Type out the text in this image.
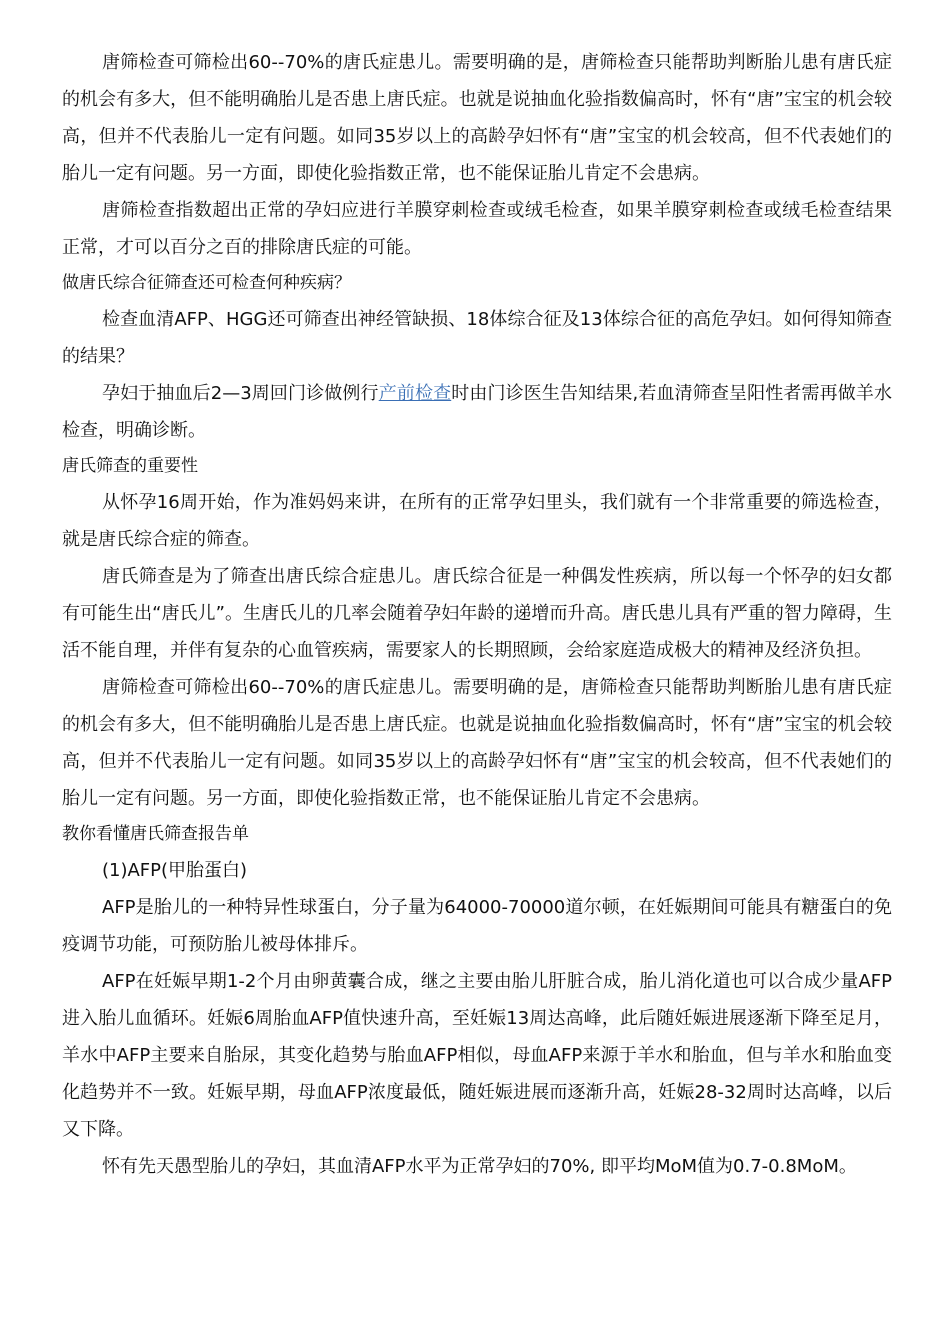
唐筛检查可筛检出60--70%的唐氏症患儿。需要明确的是，唐筛检查只能帮助判断胎儿患有唐氏症的机会有多大，但不能明确胎儿是否患上唐氏症。也就是说抽血化验指数偏高时，怀有“唐”宝宝的机会较高，但并不代表胎儿一定有问题。如同35岁以上的高龄孕妇怀有“唐”宝宝的机会较高，但不代表她们的胎儿一定有问题。另一方面，即使化验指数正常，也不能保证胎儿肯定不会患病。

唐筛检查指数超出正常的孕妇应进行羊膜穿刺检查或绒毛检查，如果羊膜穿刺检查或绒毛检查结果正常，才可以百分之百的排除唐氏症的可能。

做唐氏综合征筛查还可检查何种疾病？

检查血清AFP、HGG还可筛查出神经管缺损、18体综合征及13体综合征的高危孕妇。如何得知筛查的结果？

孕妇于抽血后2—3周回门诊做例行产前检查时由门诊医生告知结果,若血清筛查呈阳性者需再做羊水检查，明确诊断。

唐氏筛查的重要性

从怀孕16周开始，作为准妈妈来讲，在所有的正常孕妇里头，我们就有一个非常重要的筛选检查，就是唐氏综合症的筛查。

唐氏筛查是为了筛查出唐氏综合症患儿。唐氏综合征是一种偶发性疾病，所以每一个怀孕的妇女都有可能生出“唐氏儿”。生唐氏儿的几率会随着孕妇年龄的递增而升高。唐氏患儿具有严重的智力障碍，生活不能自理，并伴有复杂的心血管疾病，需要家人的长期照顾，会给家庭造成极大的精神及经济负担。

唐筛检查可筛检出60--70%的唐氏症患儿。需要明确的是，唐筛检查只能帮助判断胎儿患有唐氏症的机会有多大，但不能明确胎儿是否患上唐氏症。也就是说抽血化验指数偏高时，怀有“唐”宝宝的机会较高，但并不代表胎儿一定有问题。如同35岁以上的高龄孕妇怀有“唐”宝宝的机会较高，但不代表她们的胎儿一定有问题。另一方面，即使化验指数正常，也不能保证胎儿肯定不会患病。

教你看懂唐氏筛查报告单

(1)AFP(甲胎蛋白)

AFP是胎儿的一种特异性球蛋白，分子量为64000-70000道尔顿，在妊娠期间可能具有糖蛋白的免疫调节功能，可预防胎儿被母体排斥。

AFP在妊娠早期1-2个月由卵黄囊合成，继之主要由胎儿肝脏合成，胎儿消化道也可以合成少量AFP进入胎儿血循环。妊娠6周胎血AFP值快速升高，至妊娠13周达高峰，此后随妊娠进展逐渐下降至足月，羊水中AFP主要来自胎尿，其变化趋势与胎血AFP相似，母血AFP来源于羊水和胎血，但与羊水和胎血变化趋势并不一致。妊娠早期，母血AFP浓度最低，随妊娠进展而逐渐升高，妊娠28-32周时达高峰，以后又下降。

怀有先天愚型胎儿的孕妇，其血清AFP水平为正常孕妇的70%, 即平均MoM值为0.7-0.8MoM。
